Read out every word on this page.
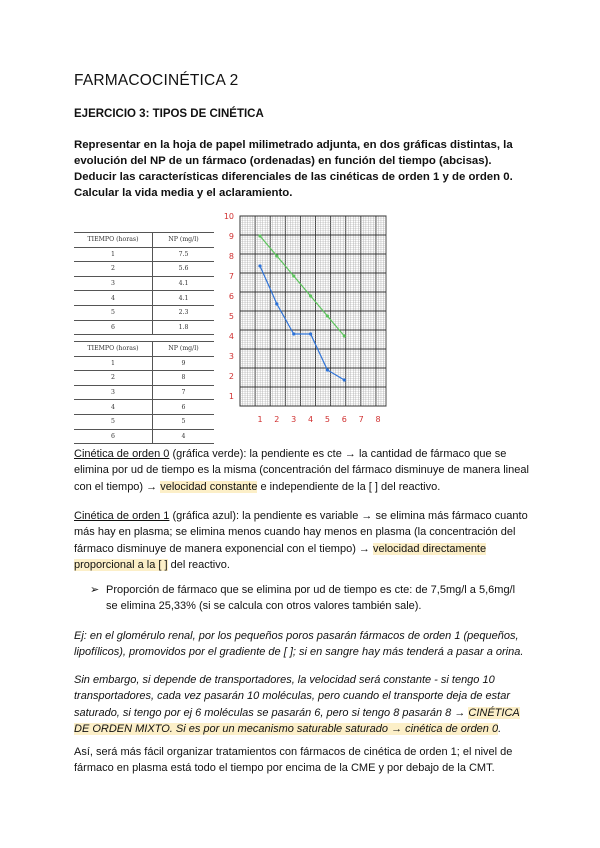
FARMACOCINÉTICA 2
EJERCICIO 3: TIPOS DE CINÉTICA
Representar en la hoja de papel milimetrado adjunta, en dos gráficas distintas, la evolución del NP de un fármaco (ordenadas) en función del tiempo (abcisas). Deducir las características diferenciales de las cinéticas de orden 1 y de orden 0. Calcular la vida media y el aclaramiento.
TIEMPO (horas)	NP (mg/l)
1	7.5
2	5.6
3	4.1
4	4.1
5	2.3
6	1.8
TIEMPO (horas)	NP (mg/l)
1	9
2	8
3	7
4	6
5	5
6	4
1
2
3
4
5
6
7
8
9
10
1 2 3 4 5 6 7 8
Cinética de orden 0 (gráfica verde): la pendiente es cte → la cantidad de fármaco que se elimina por ud de tiempo es la misma (concentración del fármaco disminuye de manera lineal con el tiempo) → velocidad constante e independiente de la [ ] del reactivo.
Cinética de orden 1 (gráfica azul): la pendiente es variable → se elimina más fármaco cuanto más hay en plasma; se elimina menos cuando hay menos en plasma (la concentración del fármaco disminuye de manera exponencial con el tiempo) → velocidad directamente proporcional a la [ ] del reactivo.
➢ Proporción de fármaco que se elimina por ud de tiempo es cte: de 7,5mg/l a 5,6mg/l
se elimina 25,33% (si se calcula con otros valores también sale).
Ej: en el glomérulo renal, por los pequeños poros pasarán fármacos de orden 1 (pequeños, lipofílicos), promovidos por el gradiente de [ ]; si en sangre hay más tenderá a pasar a orina.
Sin embargo, si depende de transportadores, la velocidad será constante - si tengo 10 transportadores, cada vez pasarán 10 moléculas, pero cuando el transporte deja de estar saturado, si tengo por ej 6 moléculas se pasarán 6, pero si tengo 8 pasarán 8 → CINÉTICA DE ORDEN MIXTO. Si es por un mecanismo saturable saturado → cinética de orden 0.
Así, será más fácil organizar tratamientos con fármacos de cinética de orden 1; el nivel de fármaco en plasma está todo el tiempo por encima de la CME y por debajo de la CMT.
